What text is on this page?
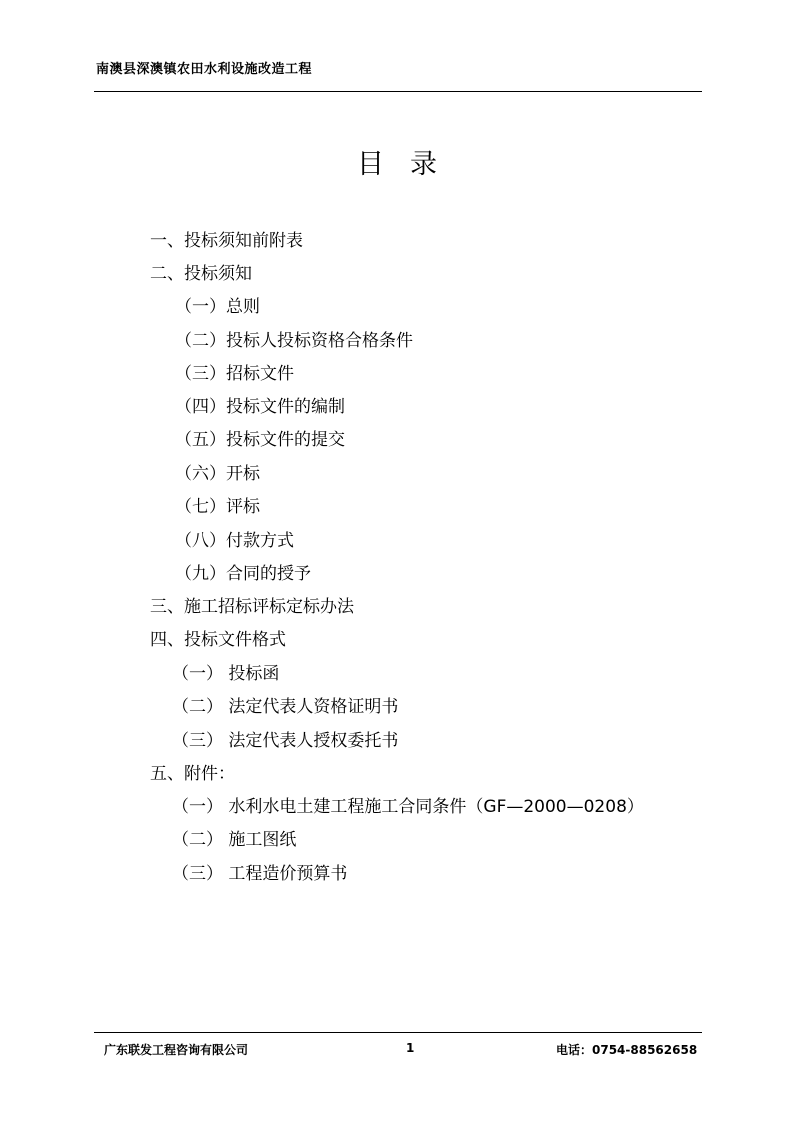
南澳县深澳镇农田水利设施改造工程
目录
一、投标须知前附表
二、投标须知
（一）总则
（二）投标人投标资格合格条件
（三）招标文件
（四）投标文件的编制
（五）投标文件的提交
（六）开标
（七）评标
（八）付款方式
（九）合同的授予
三、施工招标评标定标办法
四、投标文件格式
（一） 投标函
（二） 法定代表人资格证明书
（三） 法定代表人授权委托书
五、附件：
（一） 水利水电土建工程施工合同条件（GF—2000—0208）
（二） 施工图纸
（三） 工程造价预算书
广东联发工程咨询有限公司	1	电话：0754-88562658
